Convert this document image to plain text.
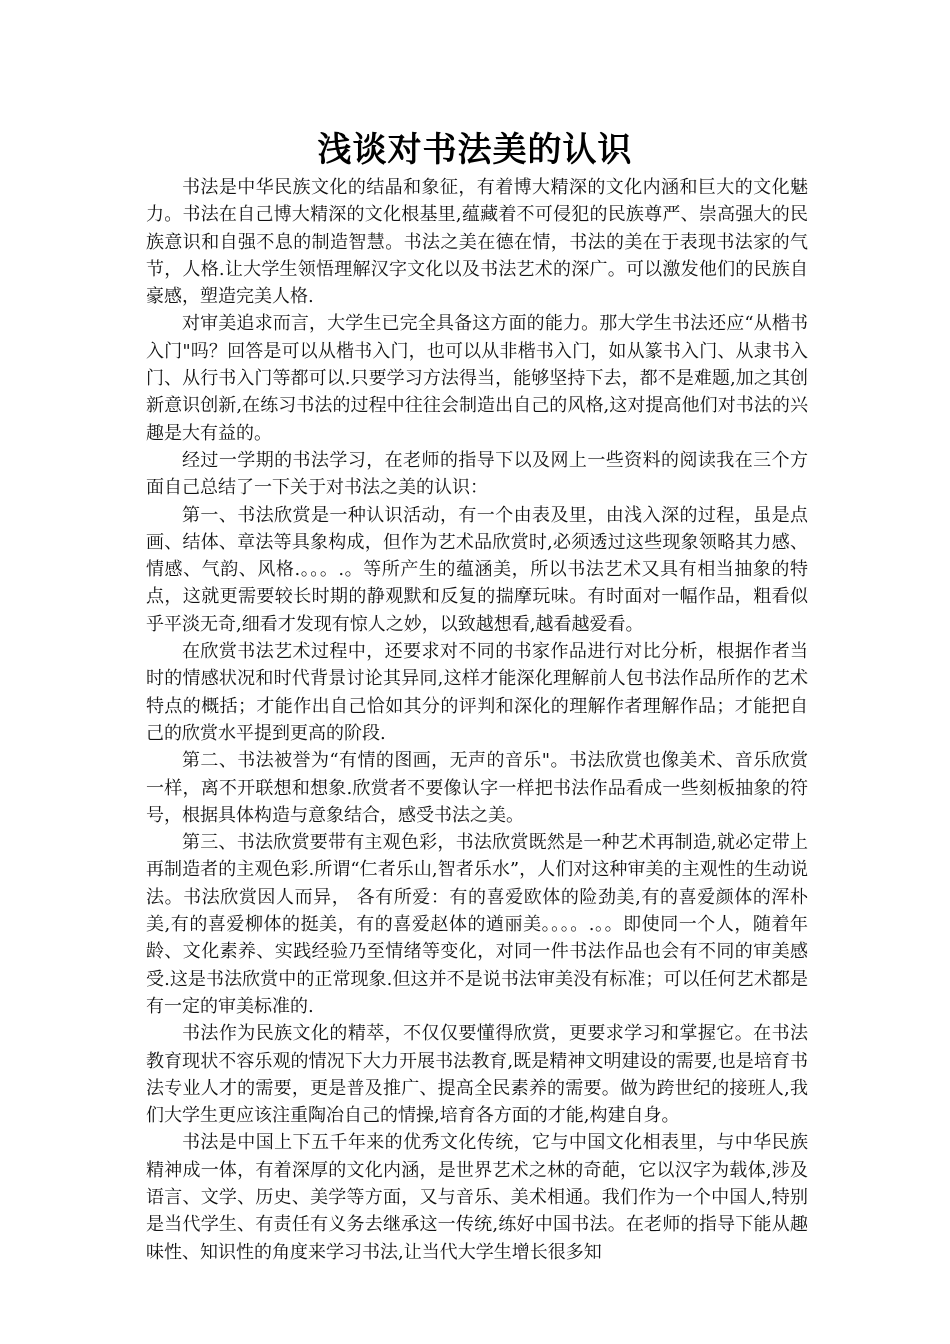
浅谈对书法美的认识

书法是中华民族文化的结晶和象征，有着博大精深的文化内涵和巨大的文化魅力。书法在自己博大精深的文化根基里,蕴藏着不可侵犯的民族尊严、崇高强大的民族意识和自强不息的制造智慧。书法之美在德在情，书法的美在于表现书法家的气节，人格.让大学生领悟理解汉字文化以及书法艺术的深广。可以激发他们的民族自豪感，塑造完美人格.

对审美追求而言，大学生已完全具备这方面的能力。那大学生书法还应“从楷书入门"吗？回答是可以从楷书入门，也可以从非楷书入门，如从篆书入门、从隶书入门、从行书入门等都可以.只要学习方法得当，能够坚持下去，都不是难题,加之其创新意识创新,在练习书法的过程中往往会制造出自己的风格,这对提高他们对书法的兴趣是大有益的。

经过一学期的书法学习，在老师的指导下以及网上一些资料的阅读我在三个方面自己总结了一下关于对书法之美的认识：

第一、书法欣赏是一种认识活动，有一个由表及里，由浅入深的过程，虽是点画、结体、章法等具象构成，但作为艺术品欣赏时,必须透过这些现象领略其力感、情感、气韵、风格.。。。.。等所产生的蕴涵美，所以书法艺术又具有相当抽象的特点，这就更需要较长时期的静观默和反复的揣摩玩味。有时面对一幅作品，粗看似乎平淡无奇,细看才发现有惊人之妙，以致越想看,越看越爱看。

在欣赏书法艺术过程中，还要求对不同的书家作品进行对比分析，根据作者当时的情感状况和时代背景讨论其异同,这样才能深化理解前人包书法作品所作的艺术特点的概括；才能作出自己恰如其分的评判和深化的理解作者理解作品；才能把自己的欣赏水平提到更高的阶段.

第二、书法被誉为“有情的图画，无声的音乐"。书法欣赏也像美术、音乐欣赏一样，离不开联想和想象.欣赏者不要像认字一样把书法作品看成一些刻板抽象的符号，根据具体构造与意象结合，感受书法之美。

第三、书法欣赏要带有主观色彩，书法欣赏既然是一种艺术再制造,就必定带上再制造者的主观色彩.所谓“仁者乐山,智者乐水”，人们对这种审美的主观性的生动说法。书法欣赏因人而异， 各有所爱：有的喜爱欧体的险劲美,有的喜爱颜体的浑朴美,有的喜爱柳体的挺美，有的喜爱赵体的遒丽美。。。。.。。即使同一个人，随着年龄、文化素养、实践经验乃至情绪等变化，对同一件书法作品也会有不同的审美感受.这是书法欣赏中的正常现象.但这并不是说书法审美没有标准；可以任何艺术都是有一定的审美标准的.

书法作为民族文化的精萃，不仅仅要懂得欣赏，更要求学习和掌握它。在书法教育现状不容乐观的情况下大力开展书法教育,既是精神文明建设的需要,也是培育书法专业人才的需要，更是普及推广、提高全民素养的需要。做为跨世纪的接班人,我们大学生更应该注重陶冶自己的情操,培育各方面的才能,构建自身。

书法是中国上下五千年来的优秀文化传统，它与中国文化相表里，与中华民族精神成一体，有着深厚的文化内涵，是世界艺术之林的奇葩，它以汉字为载体,涉及语言、文学、历史、美学等方面，又与音乐、美术相通。我们作为一个中国人,特别是当代学生、有责任有义务去继承这一传统,练好中国书法。在老师的指导下能从趣味性、知识性的角度来学习书法,让当代大学生增长很多知
